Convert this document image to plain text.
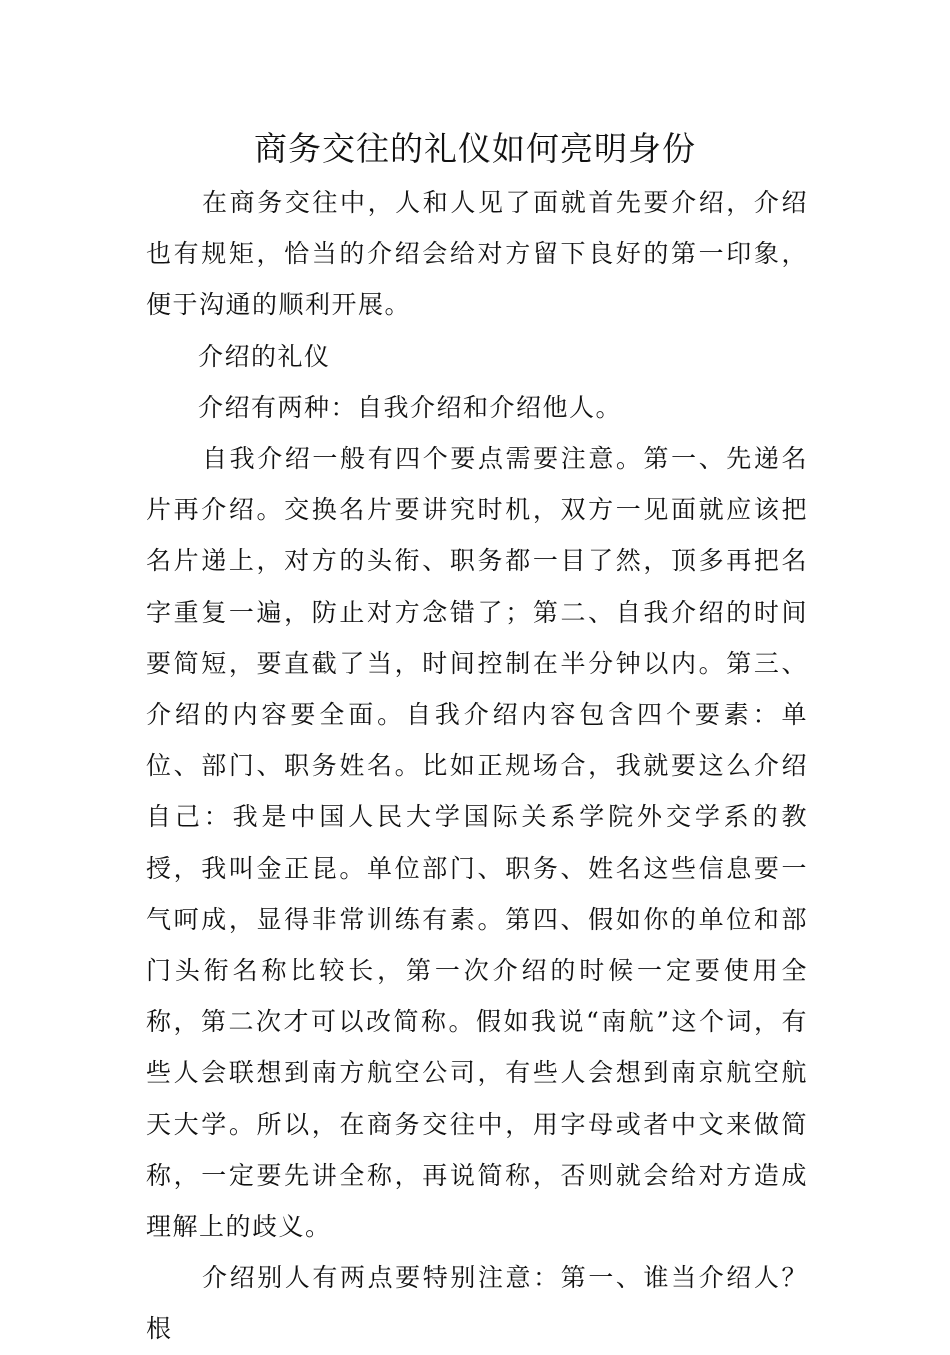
商务交往的礼仪如何亮明身份

在商务交往中，人和人见了面就首先要介绍，介绍也有规矩，恰当的介绍会给对方留下良好的第一印象，便于沟通的顺利开展。

介绍的礼仪

介绍有两种：自我介绍和介绍他人。

自我介绍一般有四个要点需要注意。第一、先递名片再介绍。交换名片要讲究时机，双方一见面就应该把名片递上，对方的头衔、职务都一目了然，顶多再把名字重复一遍，防止对方念错了；第二、自我介绍的时间要简短，要直截了当，时间控制在半分钟以内。第三、介绍的内容要全面。自我介绍内容包含四个要素：单位、部门、职务姓名。比如正规场合，我就要这么介绍自己：我是中国人民大学国际关系学院外交学系的教授，我叫金正昆。单位部门、职务、姓名这些信息要一气呵成，显得非常训练有素。第四、假如你的单位和部门头衔名称比较长，第一次介绍的时候一定要使用全称，第二次才可以改简称。假如我说“南航”这个词，有些人会联想到南方航空公司，有些人会想到南京航空航天大学。所以，在商务交往中，用字母或者中文来做简称，一定要先讲全称，再说简称，否则就会给对方造成理解上的歧义。

介绍别人有两点要特别注意：第一、谁当介绍人？根
